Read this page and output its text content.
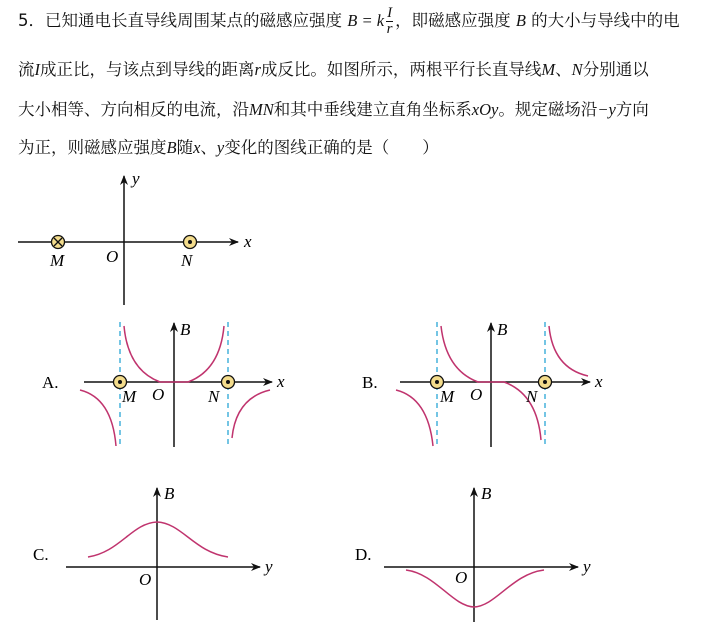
5．已知通电长直导线周围某点的磁感应强度 B = k $\frac{I}{r}$ ，即磁感应强度 B 的大小与导线中的电
流I成正比，与该点到导线的距离r成反比。如图所示，两根平行长直导线M、N分别通以
大小相等、方向相反的电流，沿MN和其中垂线建立直角坐标系xOy。规定磁场沿−y方向
为正，则磁感应强度B随x、y变化的图线正确的是（　　）
x
y
O
M	N
A.
B
x
O
M	N
B.
B
x
O
M	N
C.
B
y
O
D.
B
y
O
